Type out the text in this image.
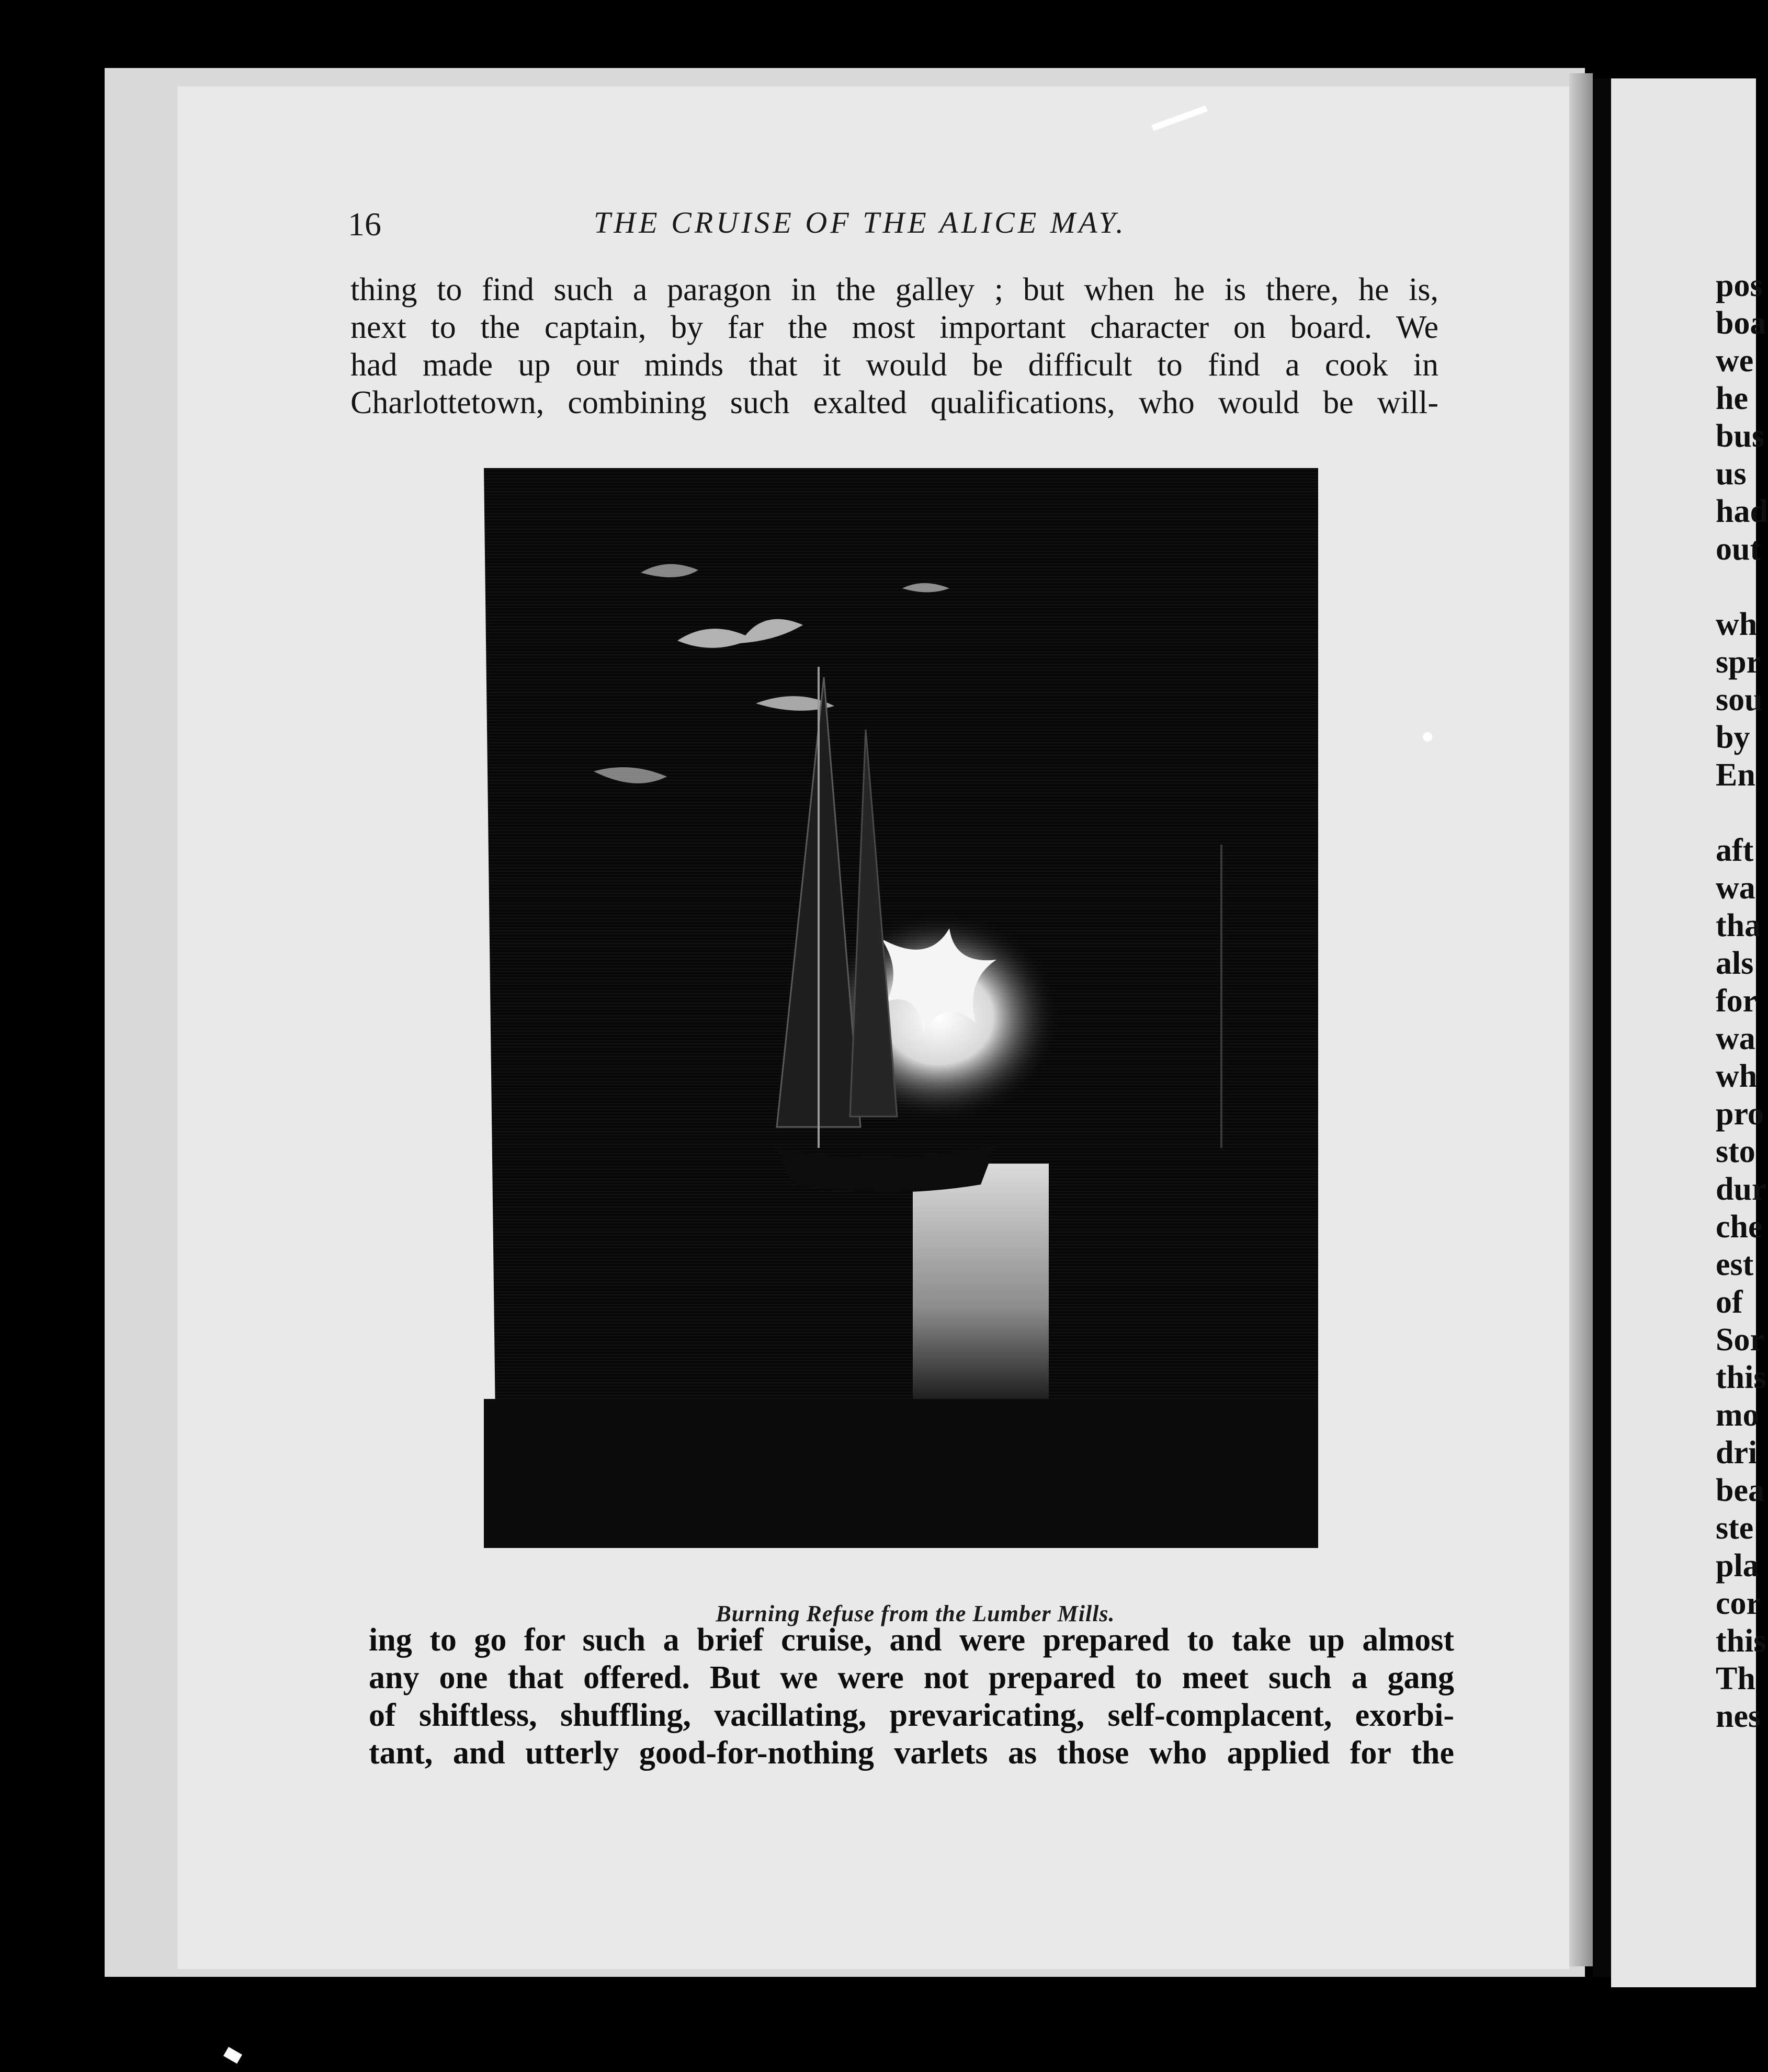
16	THE CRUISE OF THE ALICE MAY.

thing to find such a paragon in the galley ; but when he is there, he is,
next to the captain, by far the most important character on board. We
had made up our minds that it would be difficult to find a cook in
Charlottetown, combining such exalted qualifications, who would be will-

Burning Refuse from the Lumber Mills.

ing to go for such a brief cruise, and were prepared to take up almost
any one that offered. But we were not prepared to meet such a gang
of shiftless, shuffling, vacillating, prevaricating, self-complacent, exorbi-
tant, and utterly good-for-nothing varlets as those who applied for the

pos
boa
we
he
bus
us
had
out
wh
spr
sou
by
En
aft
wa
tha
als
for
wa
wh
pro
sto
dur
che
est
of
Sor
this
mo
dri
bea
ste
pla
cor
this
Th
nes
